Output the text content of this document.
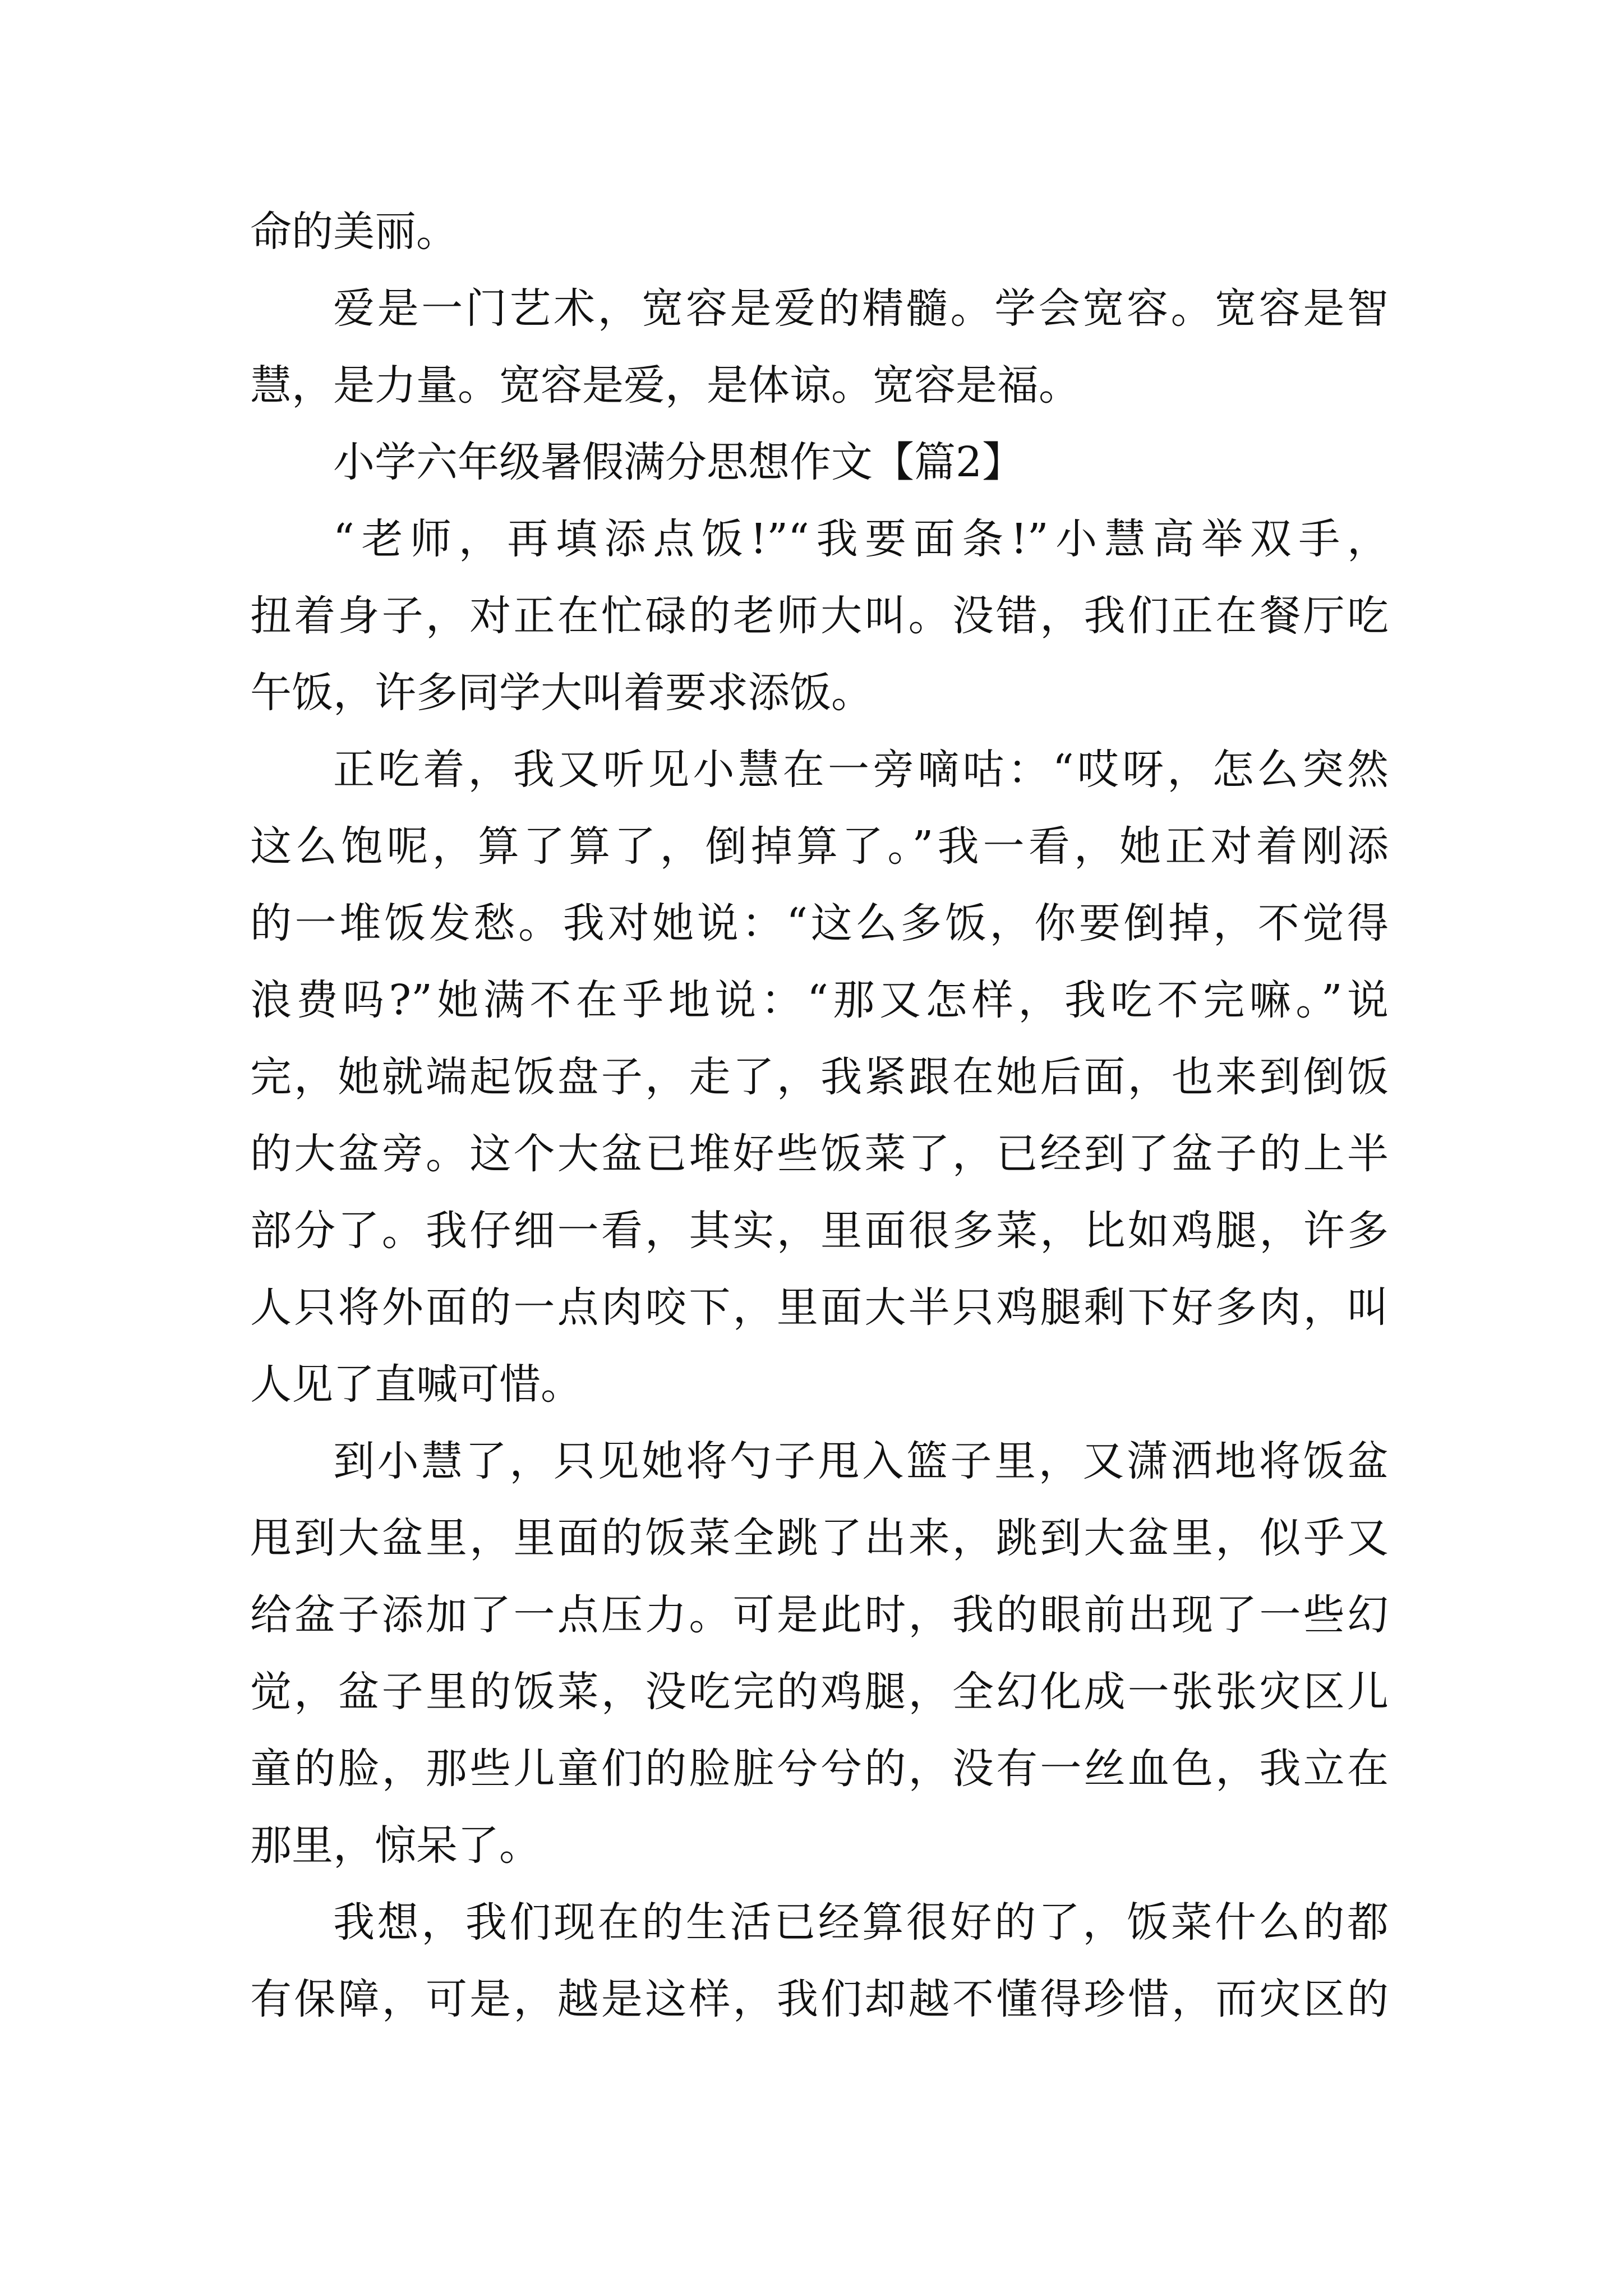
命的美丽。
爱是一门艺术，宽容是爱的精髓。学会宽容。宽容是智
慧，是力量。宽容是爱，是体谅。宽容是福。
小学六年级暑假满分思想作文【篇2】
“老师，再填添点饭!”“我要面条!”小慧高举双手，
扭着身子，对正在忙碌的老师大叫。没错，我们正在餐厅吃
午饭，许多同学大叫着要求添饭。
正吃着，我又听见小慧在一旁嘀咕：“哎呀，怎么突然
这么饱呢，算了算了，倒掉算了。”我一看，她正对着刚添
的一堆饭发愁。我对她说：“这么多饭，你要倒掉，不觉得
浪费吗?”她满不在乎地说：“那又怎样，我吃不完嘛。”说
完，她就端起饭盘子，走了，我紧跟在她后面，也来到倒饭
的大盆旁。这个大盆已堆好些饭菜了，已经到了盆子的上半
部分了。我仔细一看，其实，里面很多菜，比如鸡腿，许多
人只将外面的一点肉咬下，里面大半只鸡腿剩下好多肉，叫
人见了直喊可惜。
到小慧了，只见她将勺子甩入篮子里，又潇洒地将饭盆
甩到大盆里，里面的饭菜全跳了出来，跳到大盆里，似乎又
给盆子添加了一点压力。可是此时，我的眼前出现了一些幻
觉，盆子里的饭菜，没吃完的鸡腿，全幻化成一张张灾区儿
童的脸，那些儿童们的脸脏兮兮的，没有一丝血色，我立在
那里，惊呆了。
我想，我们现在的生活已经算很好的了，饭菜什么的都
有保障，可是，越是这样，我们却越不懂得珍惜，而灾区的
